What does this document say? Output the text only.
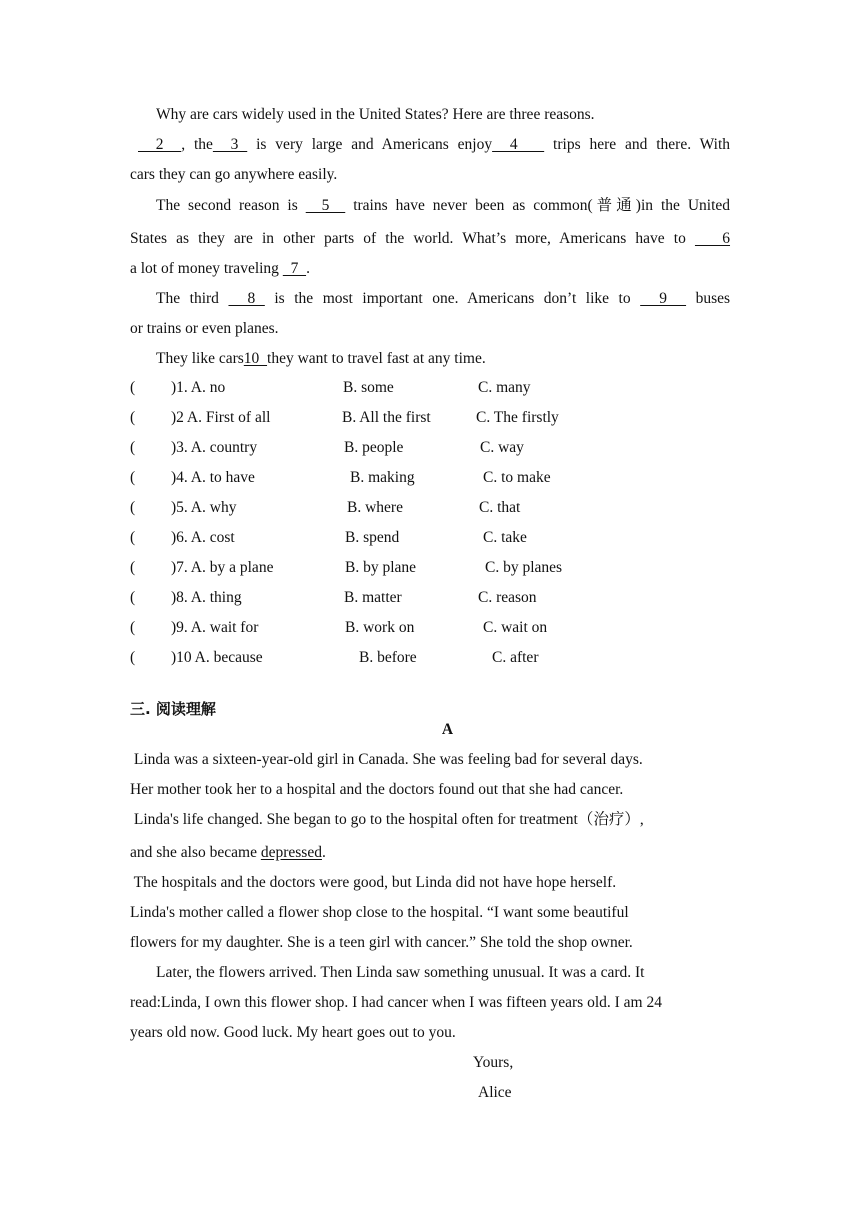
Why are cars widely used in the United States? Here are three reasons.
2  , the  3  is very large and Americans enjoy  4    trips here and there. With
cars they can go anywhere easily.
The second reason is   5   trains have never been as common(普通)in the United
States as they are in other parts of the world. What’s more, Americans have to    6
a lot of money traveling   7  .
The third   8  is the most important one. Americans don’t like to   9   buses
or trains or even planes.
They like cars10  they want to travel fast at any time.
( )1. A. no	B. some	C. many
( )2 A. First of all	B. All the first	C. The firstly
( )3. A. country	B. people	C. way
( )4. A. to have	B. making	C. to make
( )5. A. why	B. where	C. that
( )6. A. cost	B. spend	C. take
( )7. A. by a plane	B. by plane	C. by planes
( )8. A. thing	B. matter	C. reason
( )9. A. wait for	B. work on	C. wait on
( )10 A. because	B. before	C. after
三. 阅读理解
A
Linda was a sixteen-year-old girl in Canada. She was feeling bad for several days.
Her mother took her to a hospital and the doctors found out that she had cancer.
Linda's life changed. She began to go to the hospital often for treatment（治疗）,
and she also became depressed.
The hospitals and the doctors were good, but Linda did not have hope herself.
Linda's mother called a flower shop close to the hospital. “I want some beautiful
flowers for my daughter. She is a teen girl with cancer.” She told the shop owner.
Later, the flowers arrived. Then Linda saw something unusual. It was a card. It
read:Linda, I own this flower shop. I had cancer when I was fifteen years old. I am 24
years old now. Good luck. My heart goes out to you.
Yours,
Alice
